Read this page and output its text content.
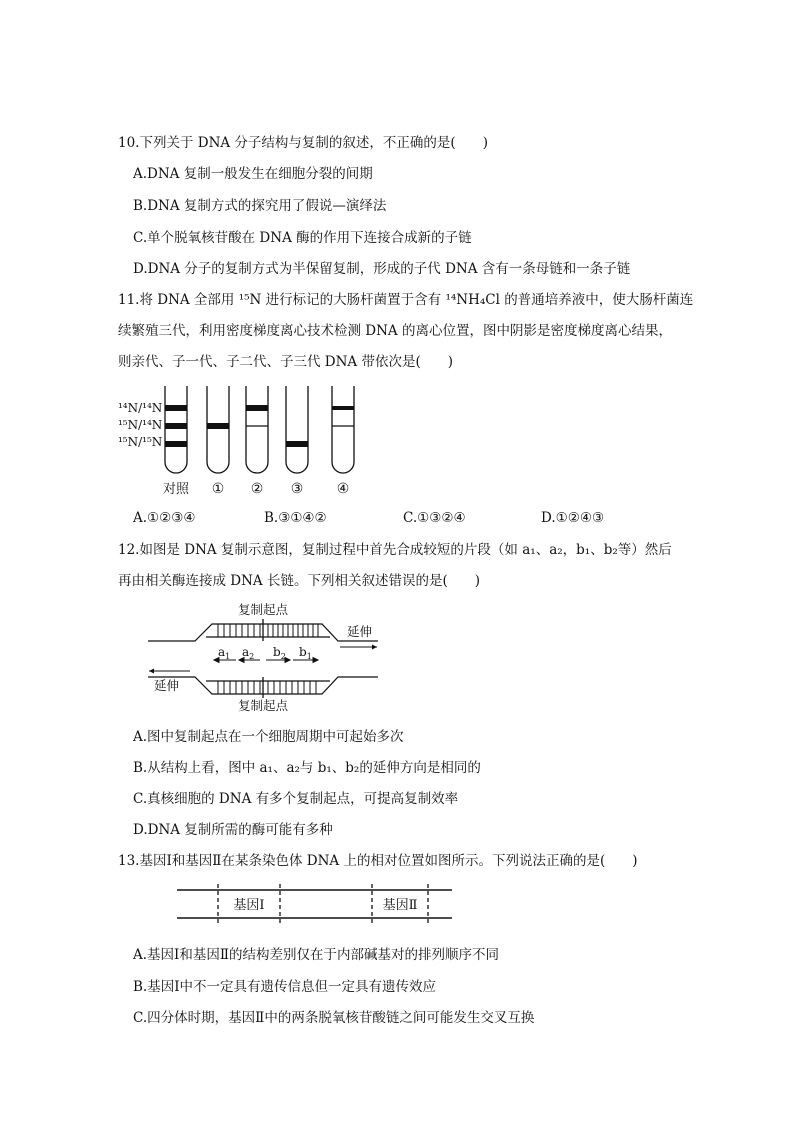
10.下列关于 DNA 分子结构与复制的叙述，不正确的是(　　)
A.DNA 复制一般发生在细胞分裂的间期
B.DNA 复制方式的探究用了假说—演绎法
C.单个脱氧核苷酸在 DNA 酶的作用下连接合成新的子链
D.DNA 分子的复制方式为半保留复制，形成的子代 DNA 含有一条母链和一条子链
11.将 DNA 全部用 ¹⁵N 进行标记的大肠杆菌置于含有 ¹⁴NH₄Cl 的普通培养液中，使大肠杆菌连
续繁殖三代，利用密度梯度离心技术检测 DNA 的离心位置，图中阴影是密度梯度离心结果，
则亲代、子一代、子二代、子三代 DNA 带依次是(　　)
¹⁴N/¹⁴N
¹⁵N/¹⁴N
¹⁵N/¹⁵N
对照 ① ② ③ ④
A.①②③④	B.③①④②	C.①③②④	D.①②④③
12.如图是 DNA 复制示意图，复制过程中首先合成较短的片段（如 a₁、a₂，b₁、b₂等）然后
再由相关酶连接成 DNA 长链。下列相关叙述错误的是(　　)
复制起点
复制起点
$a_1$ $a_2$ $b_2$ $b_1$
延伸
延伸
A.图中复制起点在一个细胞周期中可起始多次
B.从结构上看，图中 a₁、a₂与 b₁、b₂的延伸方向是相同的
C.真核细胞的 DNA 有多个复制起点，可提高复制效率
D.DNA 复制所需的酶可能有多种
13.基因Ⅰ和基因Ⅱ在某条染色体 DNA 上的相对位置如图所示。下列说法正确的是(　　)
基因Ⅰ	基因Ⅱ
A.基因Ⅰ和基因Ⅱ的结构差别仅在于内部碱基对的排列顺序不同
B.基因Ⅰ中不一定具有遗传信息但一定具有遗传效应
C.四分体时期，基因Ⅱ中的两条脱氧核苷酸链之间可能发生交叉互换
